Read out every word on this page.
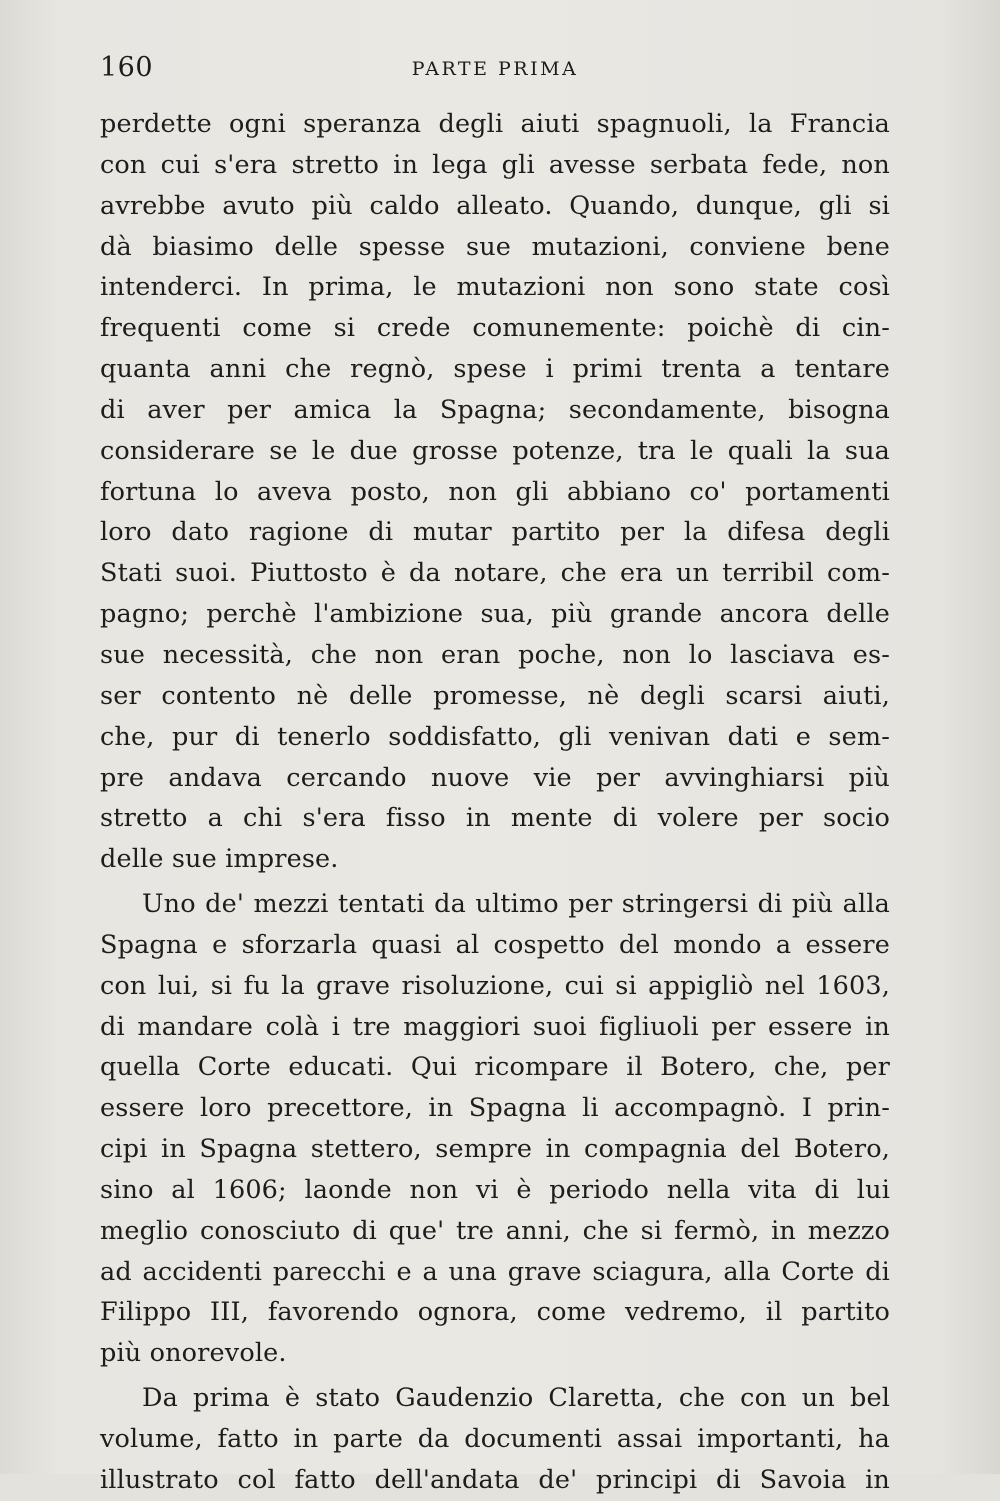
160	PARTE PRIMA
perdette ogni speranza degli aiuti spagnuoli, la Francia
con cui s'era stretto in lega gli avesse serbata fede, non
avrebbe avuto più caldo alleato. Quando, dunque, gli si
dà biasimo delle spesse sue mutazioni, conviene bene
intenderci. In prima, le mutazioni non sono state così
frequenti come si crede comunemente: poichè di cin-
quanta anni che regnò, spese i primi trenta a tentare
di aver per amica la Spagna; secondamente, bisogna
considerare se le due grosse potenze, tra le quali la sua
fortuna lo aveva posto, non gli abbiano co' portamenti
loro dato ragione di mutar partito per la difesa degli
Stati suoi. Piuttosto è da notare, che era un terribil com-
pagno; perchè l'ambizione sua, più grande ancora delle
sue necessità, che non eran poche, non lo lasciava es-
ser contento nè delle promesse, nè degli scarsi aiuti,
che, pur di tenerlo soddisfatto, gli venivan dati e sem-
pre andava cercando nuove vie per avvinghiarsi più
stretto a chi s'era fisso in mente di volere per socio
delle sue imprese.
Uno de' mezzi tentati da ultimo per stringersi di più alla
Spagna e sforzarla quasi al cospetto del mondo a essere
con lui, si fu la grave risoluzione, cui si appigliò nel 1603,
di mandare colà i tre maggiori suoi figliuoli per essere in
quella Corte educati. Qui ricompare il Botero, che, per
essere loro precettore, in Spagna li accompagnò. I prin-
cipi in Spagna stettero, sempre in compagnia del Botero,
sino al 1606; laonde non vi è periodo nella vita di lui
meglio conosciuto di que' tre anni, che si fermò, in mezzo
ad accidenti parecchi e a una grave sciagura, alla Corte di
Filippo III, favorendo ognora, come vedremo, il partito
più onorevole.
Da prima è stato Gaudenzio Claretta, che con un bel
volume, fatto in parte da documenti assai importanti, ha
illustrato col fatto dell'andata de' principi di Savoia in
